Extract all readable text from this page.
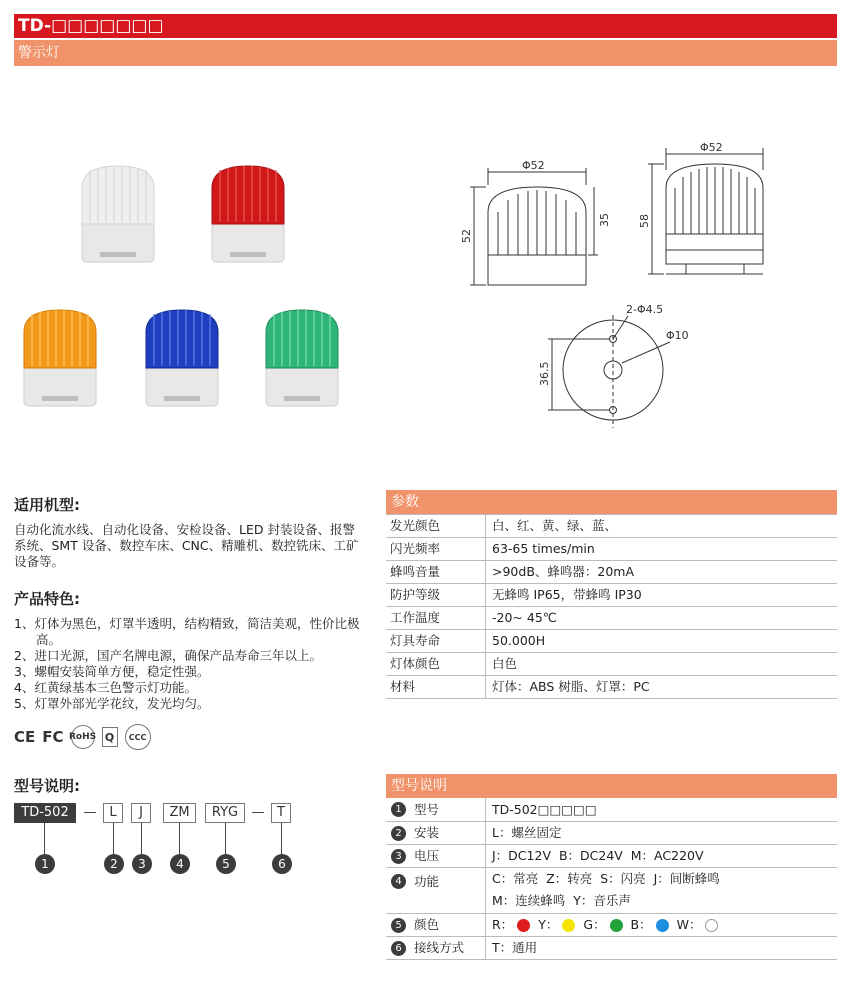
TD-□□□□□□□
警示灯
Φ52
52
35
Φ52
58
2-Φ4.5
Φ10
36.5
适用机型:

自动化流水线、自动化设备、安检设备、LED 封装设备、报警系统、SMT 设备、数控车床、CNC、精雕机、数控铣床、工矿设备等。

产品特色:
1、灯体为黑色，灯罩半透明，结构精致，简洁美观，性价比极高。
2、进口光源，国产名牌电源，确保产品寿命三年以上。
3、螺帽安装简单方便，稳定性强。
4、红黄绿基本三色警示灯功能。
5、灯罩外部光学花纹，发光均匀。
CE FC RoHS Q	CCC
参数
发光颜色	白、红、黄、绿、蓝、
闪光频率	63-65 times/min
蜂鸣音量	>90dB、蜂鸣器：20mA
防护等级	无蜂鸣 IP65，带蜂鸣 IP30
工作温度	-20~ 45℃
灯具寿命	50.000H
灯体颜色	白色
材料	灯体：ABS 树脂、灯罩：PC
型号说明:
TD-502	L	J	ZM	RYG	T
1	2	3	4	5	6
型号说明
1 型号	TD-502□□□□□
2 安装	L：螺丝固定
3 电压	J：DC12V  B：DC24V  M：AC220V
4 功能	C：常亮  Z：转亮  S：闪亮  J：间断蜂鸣
M：连续蜂鸣  Y：音乐声
5 颜色	R： Y： G： B： W：
6 接线方式	T：通用
